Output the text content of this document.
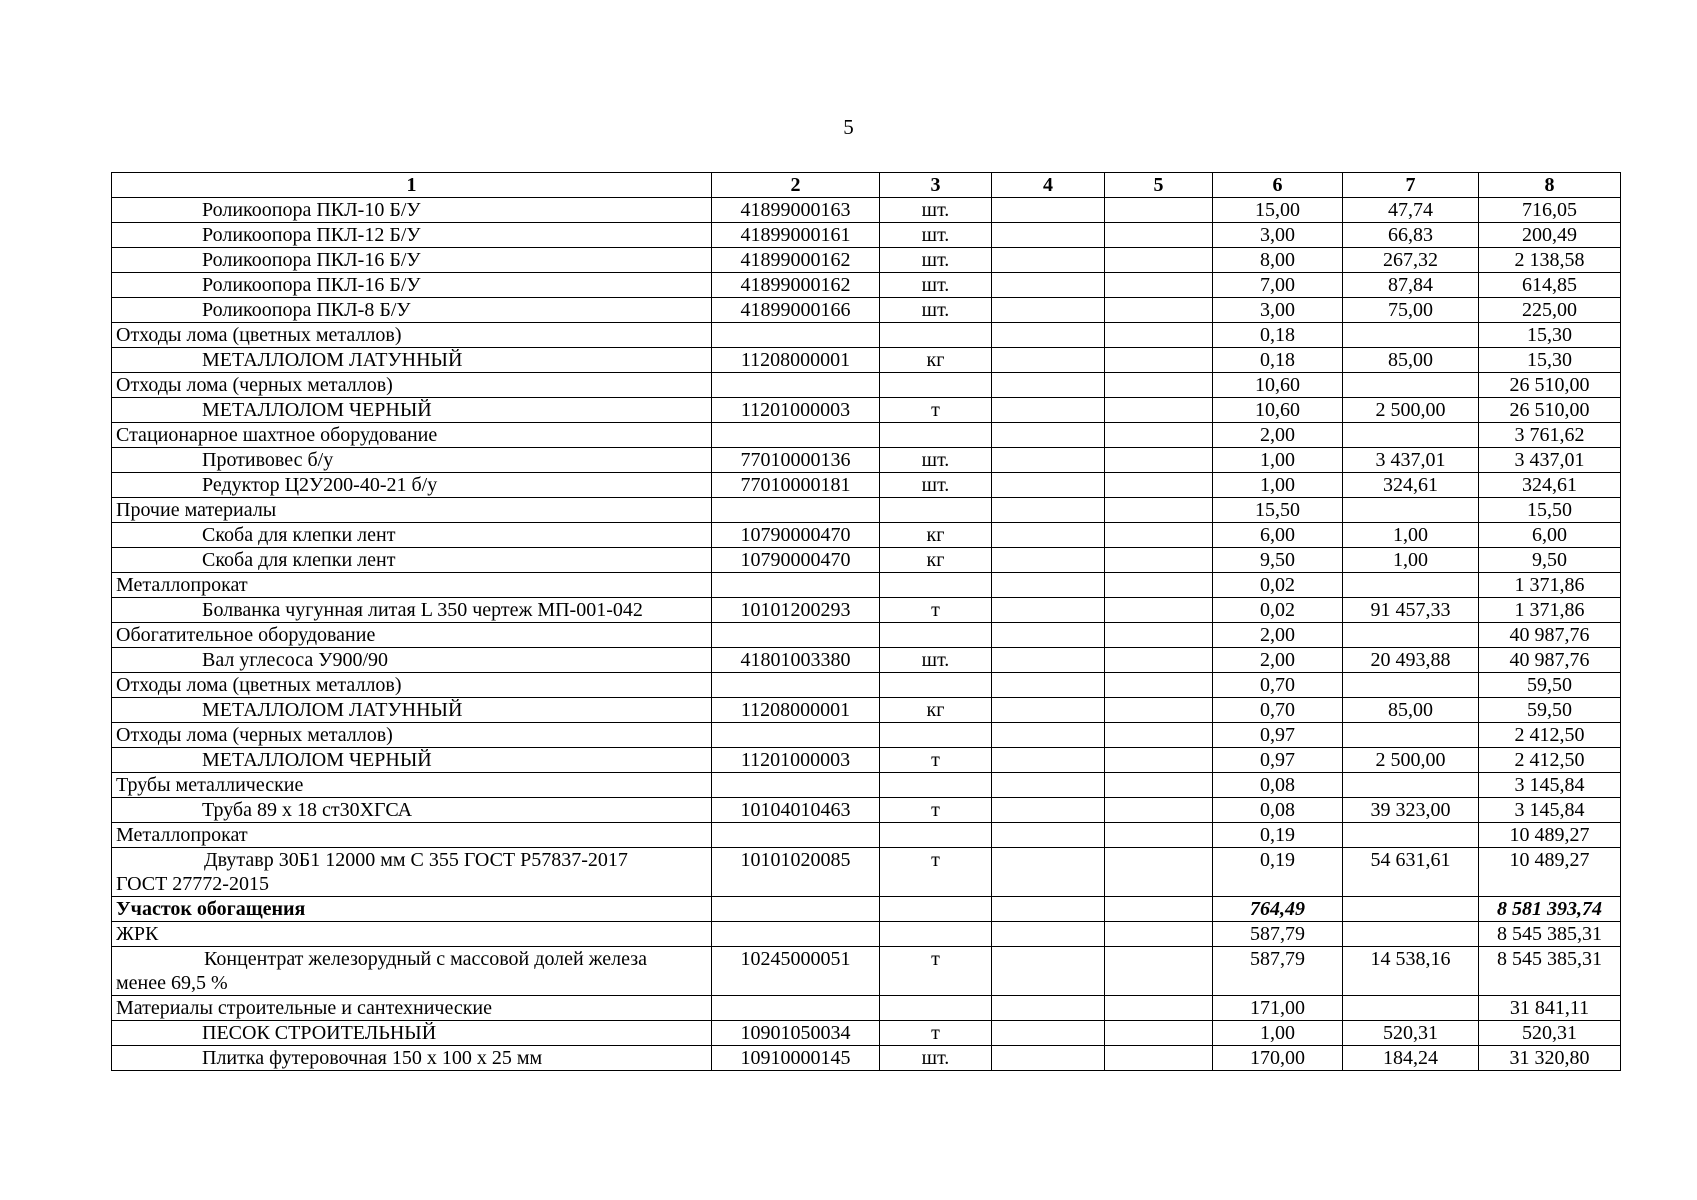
5
1	2	3	4	5	6	7	8
Роликоопора ПКЛ-10 Б/У	41899000163	шт.			15,00	47,74	716,05
Роликоопора ПКЛ-12 Б/У	41899000161	шт.			3,00	66,83	200,49
Роликоопора ПКЛ-16 Б/У	41899000162	шт.			8,00	267,32	2 138,58
Роликоопора ПКЛ-16 Б/У	41899000162	шт.			7,00	87,84	614,85
Роликоопора ПКЛ-8 Б/У	41899000166	шт.			3,00	75,00	225,00
Отходы лома (цветных металлов)					0,18		15,30
МЕТАЛЛОЛОМ ЛАТУННЫЙ	11208000001	кг			0,18	85,00	15,30
Отходы лома (черных металлов)					10,60		26 510,00
МЕТАЛЛОЛОМ ЧЕРНЫЙ	11201000003	т			10,60	2 500,00	26 510,00
Стационарное шахтное оборудование					2,00		3 761,62
Противовес б/у	77010000136	шт.			1,00	3 437,01	3 437,01
Редуктор Ц2У200-40-21 б/у	77010000181	шт.			1,00	324,61	324,61
Прочие материалы					15,50		15,50
Скоба для клепки лент	10790000470	кг			6,00	1,00	6,00
Скоба для клепки лент	10790000470	кг			9,50	1,00	9,50
Металлопрокат					0,02		1 371,86
Болванка чугунная литая L 350 чертеж МП-001-042	10101200293	т			0,02	91 457,33	1 371,86
Обогатительное оборудование					2,00		40 987,76
Вал углесоса У900/90	41801003380	шт.			2,00	20 493,88	40 987,76
Отходы лома (цветных металлов)					0,70		59,50
МЕТАЛЛОЛОМ ЛАТУННЫЙ	11208000001	кг			0,70	85,00	59,50
Отходы лома (черных металлов)					0,97		2 412,50
МЕТАЛЛОЛОМ ЧЕРНЫЙ	11201000003	т			0,97	2 500,00	2 412,50
Трубы металлические					0,08		3 145,84
Труба 89 х 18 ст30ХГСА	10104010463	т			0,08	39 323,00	3 145,84
Металлопрокат					0,19		10 489,27

Двутавр 30Б1 12000 мм С 355 ГОСТ Р57837-2017
ГОСТ 27772-2015	10101020085	т			0,19	54 631,61	10 489,27
Участок обогащения					764,49		8 581 393,74
ЖРК					587,79		8 545 385,31

Концентрат железорудный с массовой долей железа
менее 69,5 %	10245000051	т			587,79	14 538,16	8 545 385,31
Материалы строительные и сантехнические					171,00		31 841,11
ПЕСОК СТРОИТЕЛЬНЫЙ	10901050034	т			1,00	520,31	520,31
Плитка футеровочная 150 х 100 х 25 мм	10910000145	шт.			170,00	184,24	31 320,80
